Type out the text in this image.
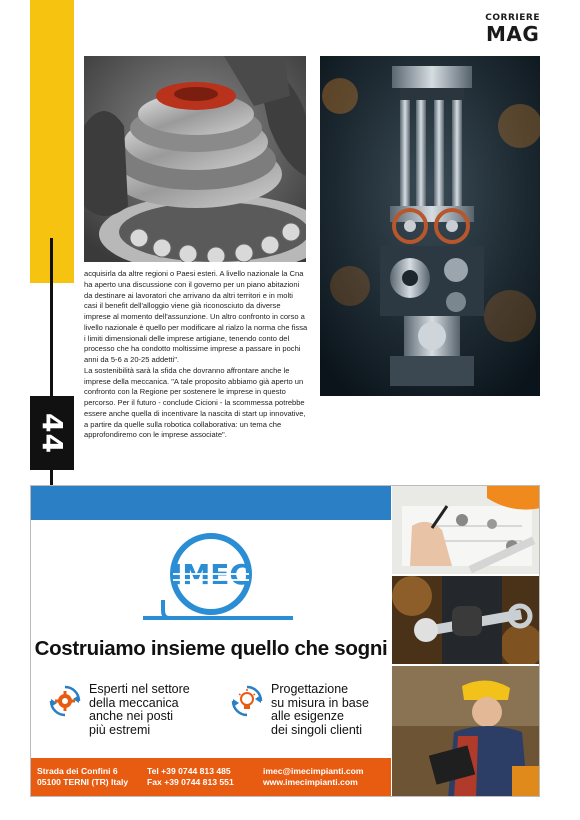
44
CORRIERE
MAG

acquisirla da altre regioni o Paesi esteri. A livello nazionale la Cna ha aperto una discussione con il governo per un piano abitazioni da destinare ai lavoratori che arrivano da altri territori e in molti casi il benefit dell'alloggio viene già riconosciuto da diverse imprese al momento dell'assunzione. Un altro confronto in corso a livello nazionale è quello per modificare al rialzo la norma che fissa i limiti dimensionali delle imprese artigiane, tenendo conto del processo che ha condotto moltissime imprese a passare in pochi anni da 5-6 a 20-25 addetti".

La sostenibilità sarà la sfida che dovranno affrontare anche le imprese della meccanica. "A tale proposito abbiamo già aperto un confronto con la Regione per sostenere le imprese in questo percorso. Per il futuro - conclude Cicioni - la scommessa potrebbe essere anche quella di incentivare la nascita di start up innovative, a partire da quelle sulla robotica collaborativa: un tema che approfondiremo con le imprese associate".

IMEC
Costruiamo insieme quello che sogni
Esperti nel settore
della meccanica
anche nei posti
più estremi
Progettazione
su misura in base
alle esigenze
dei singoli clienti
Strada dei Confini 6
05100 TERNI (TR) Italy
Tel +39 0744 813 485
Fax +39 0744 813 551
imec@imecimpianti.com
www.imecimpianti.com
